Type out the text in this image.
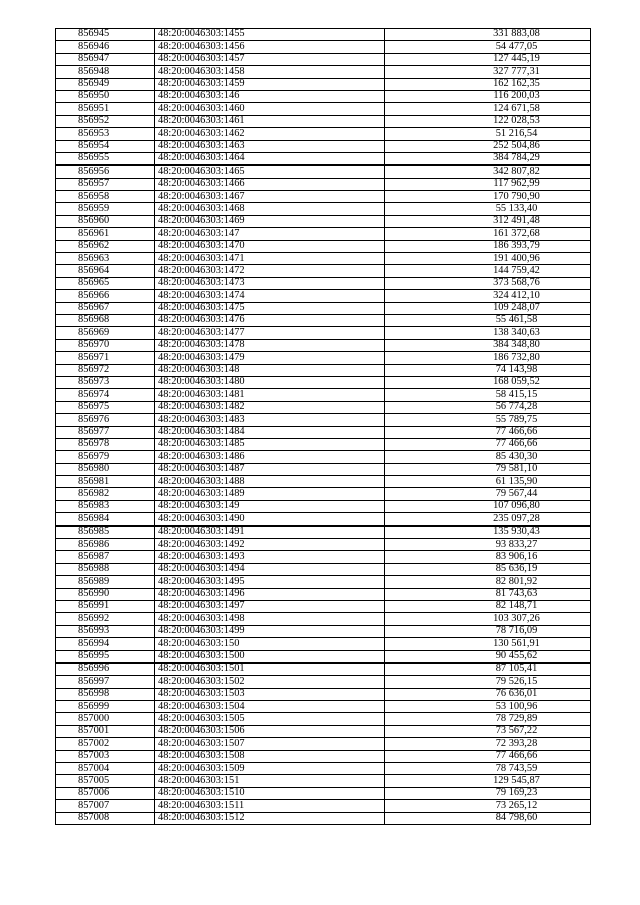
856945	48:20:0046303:1455	331 883,08
856946	48:20:0046303:1456	54 477,05
856947	48:20:0046303:1457	127 445,19
856948	48:20:0046303:1458	327 777,31
856949	48:20:0046303:1459	162 162,35
856950	48:20:0046303:146	116 200,03
856951	48:20:0046303:1460	124 671,58
856952	48:20:0046303:1461	122 028,53
856953	48:20:0046303:1462	51 216,54
856954	48:20:0046303:1463	252 504,86
856955	48:20:0046303:1464	384 784,29
856956	48:20:0046303:1465	342 807,82
856957	48:20:0046303:1466	117 962,99
856958	48:20:0046303:1467	170 790,90
856959	48:20:0046303:1468	55 133,40
856960	48:20:0046303:1469	312 491,48
856961	48:20:0046303:147	161 372,68
856962	48:20:0046303:1470	186 393,79
856963	48:20:0046303:1471	191 400,96
856964	48:20:0046303:1472	144 759,42
856965	48:20:0046303:1473	373 568,76
856966	48:20:0046303:1474	324 412,10
856967	48:20:0046303:1475	109 248,07
856968	48:20:0046303:1476	55 461,58
856969	48:20:0046303:1477	138 340,63
856970	48:20:0046303:1478	384 348,80
856971	48:20:0046303:1479	186 732,80
856972	48:20:0046303:148	74 143,98
856973	48:20:0046303:1480	168 059,52
856974	48:20:0046303:1481	58 415,15
856975	48:20:0046303:1482	56 774,28
856976	48:20:0046303:1483	55 789,75
856977	48:20:0046303:1484	77 466,66
856978	48:20:0046303:1485	77 466,66
856979	48:20:0046303:1486	85 430,30
856980	48:20:0046303:1487	79 581,10
856981	48:20:0046303:1488	61 135,90
856982	48:20:0046303:1489	79 567,44
856983	48:20:0046303:149	107 096,80
856984	48:20:0046303:1490	235 097,28
856985	48:20:0046303:1491	135 930,43
856986	48:20:0046303:1492	93 833,27
856987	48:20:0046303:1493	83 906,16
856988	48:20:0046303:1494	85 636,19
856989	48:20:0046303:1495	82 801,92
856990	48:20:0046303:1496	81 743,63
856991	48:20:0046303:1497	82 148,71
856992	48:20:0046303:1498	103 307,26
856993	48:20:0046303:1499	78 716,09
856994	48:20:0046303:150	130 561,91
856995	48:20:0046303:1500	90 455,62
856996	48:20:0046303:1501	87 105,41
856997	48:20:0046303:1502	79 526,15
856998	48:20:0046303:1503	76 636,01
856999	48:20:0046303:1504	53 100,96
857000	48:20:0046303:1505	78 729,89
857001	48:20:0046303:1506	73 567,22
857002	48:20:0046303:1507	72 393,28
857003	48:20:0046303:1508	77 466,66
857004	48:20:0046303:1509	78 743,59
857005	48:20:0046303:151	129 545,87
857006	48:20:0046303:1510	79 169,23
857007	48:20:0046303:1511	73 265,12
857008	48:20:0046303:1512	84 798,60
